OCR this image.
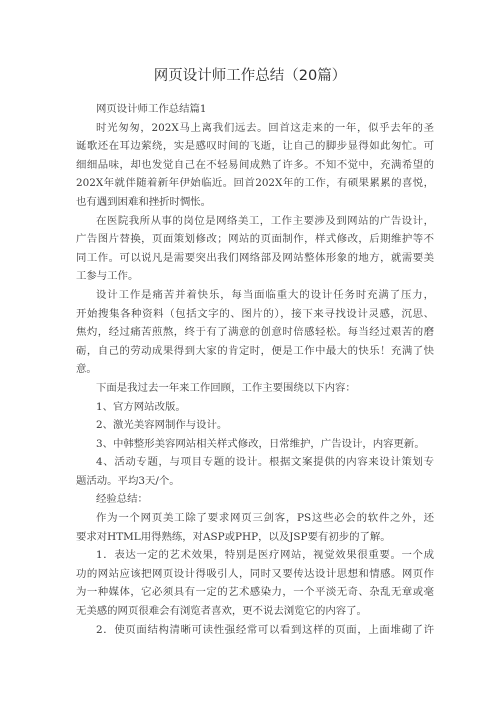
网页设计师工作总结（20篇）
网页设计师工作总结篇1
时光匆匆，202X马上离我们远去。回首这走来的一年，似乎去年的圣
诞歌还在耳边萦绕，实是感叹时间的飞逝，让自己的脚步显得如此匆忙。可
细细品味，却也发觉自己在不轻易间成熟了许多。不知不觉中，充满希望的
202X年就伴随着新年伊始临近。回首202X年的工作，有硕果累累的喜悦，
也有遇到困难和挫折时惆怅。
在医院我所从事的岗位是网络美工，工作主要涉及到网站的广告设计，
广告图片替换，页面策划修改；网站的页面制作，样式修改，后期维护等不
同工作。可以说凡是需要突出我们网络部及网站整体形象的地方，就需要美
工参与工作。
设计工作是痛苦并着快乐，每当面临重大的设计任务时充满了压力，
开始搜集各种资料（包括文字的、图片的），接下来寻找设计灵感，沉思、
焦灼，经过痛苦煎熬，终于有了满意的创意时倍感轻松。每当经过艰苦的磨
砺，自己的劳动成果得到大家的肯定时，便是工作中最大的快乐！充满了快
意。
下面是我过去一年来工作回顾，工作主要围绕以下内容：
1、官方网站改版。
2、激光美容网制作与设计。
3、中韩整形美容网站相关样式修改，日常维护，广告设计，内容更新。
4、活动专题，与项目专题的设计。根据文案提供的内容来设计策划专
题活动。平均3天/个。
经验总结：
作为一个网页美工除了要求网页三剑客，PS这些必会的软件之外，还
要求对HTML用得熟练，对ASP或PHP，以及JSP要有初步的了解。
1．表达一定的艺术效果，特别是医疗网站，视觉效果很重要。一个成
功的网站应该把网页设计得吸引人，同时又要传达设计思想和情感。网页作
为一种媒体，它必须具有一定的艺术感染力，一个平淡无奇、杂乱无章或毫
无美感的网页很难会有浏览者喜欢，更不说去浏览它的内容了。
2．使页面结构清晰可读性强经常可以看到这样的页面，上面堆砌了许
